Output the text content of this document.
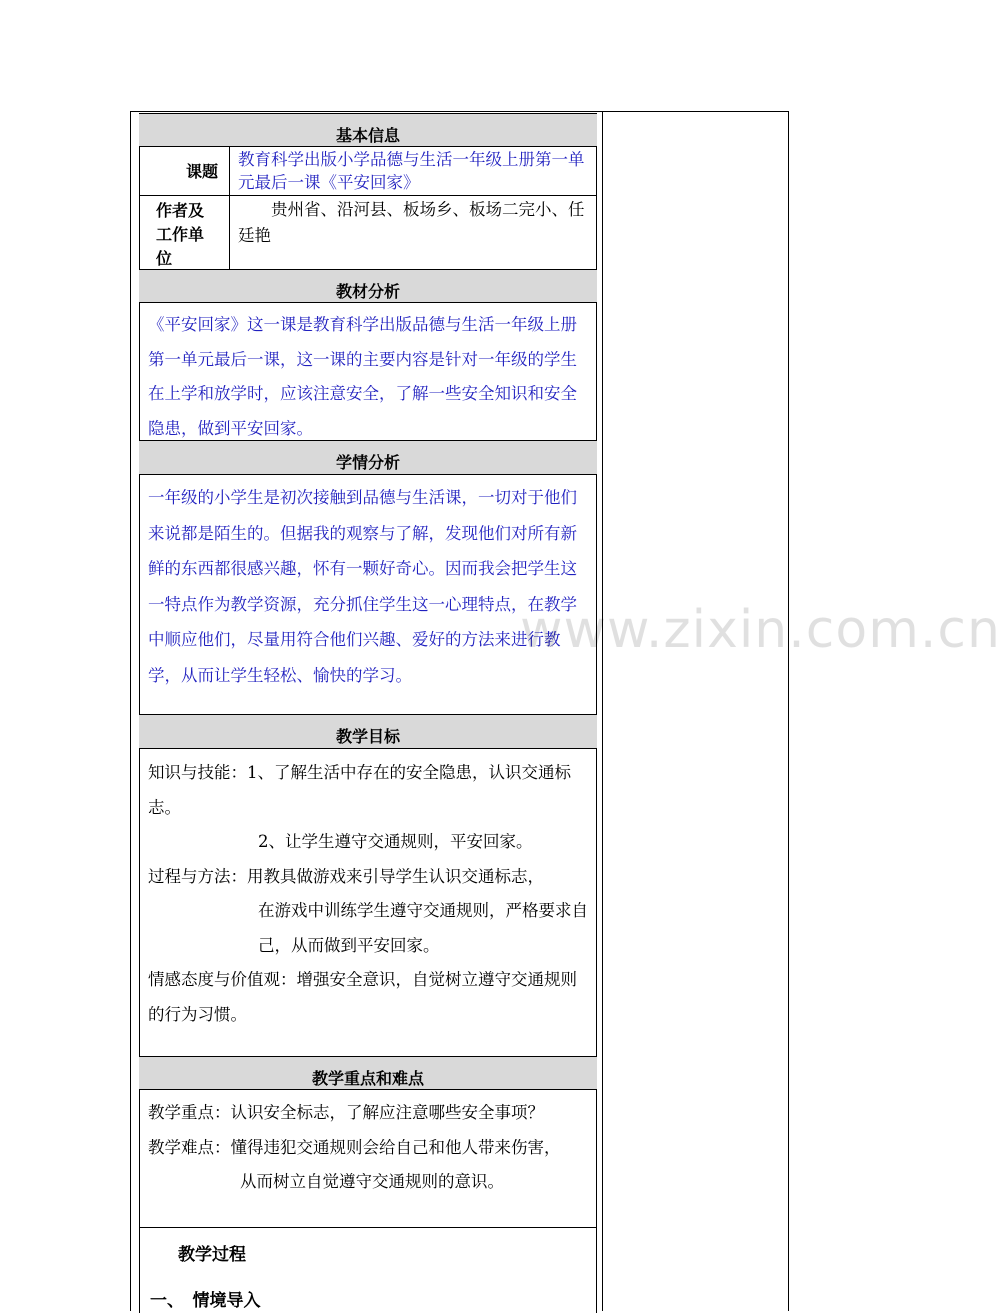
基本信息
课题
教育科学出版小学品德与生活一年级上册第一单元最后一课《平安回家》
作者及工作单位
　　贵州省、沿河县、板场乡、板场二完小、任廷艳
教材分析
《平安回家》这一课是教育科学出版品德与生活一年级上册第一单元最后一课，这一课的主要内容是针对一年级的学生在上学和放学时，应该注意安全，了解一些安全知识和安全隐患，做到平安回家。
学情分析
一年级的小学生是初次接触到品德与生活课，一切对于他们来说都是陌生的。但据我的观察与了解，发现他们对所有新鲜的东西都很感兴趣，怀有一颗好奇心。因而我会把学生这一特点作为教学资源，充分抓住学生这一心理特点，在教学中顺应他们，尽量用符合他们兴趣、爱好的方法来进行教学，从而让学生轻松、愉快的学习。
教学目标
知识与技能：1、了解生活中存在的安全隐患，认识交通标志。
2、让学生遵守交通规则，平安回家。
过程与方法：用教具做游戏来引导学生认识交通标志，
在游戏中训练学生遵守交通规则，严格要求自己，从而做到平安回家。
情感态度与价值观：增强安全意识，自觉树立遵守交通规则的行为习惯。
教学重点和难点
教学重点：认识安全标志，了解应注意哪些安全事项？
教学难点：懂得违犯交通规则会给自己和他人带来伤害，
从而树立自觉遵守交通规则的意识。
教学过程
一、　情境导入
www.zixin.com.cn
